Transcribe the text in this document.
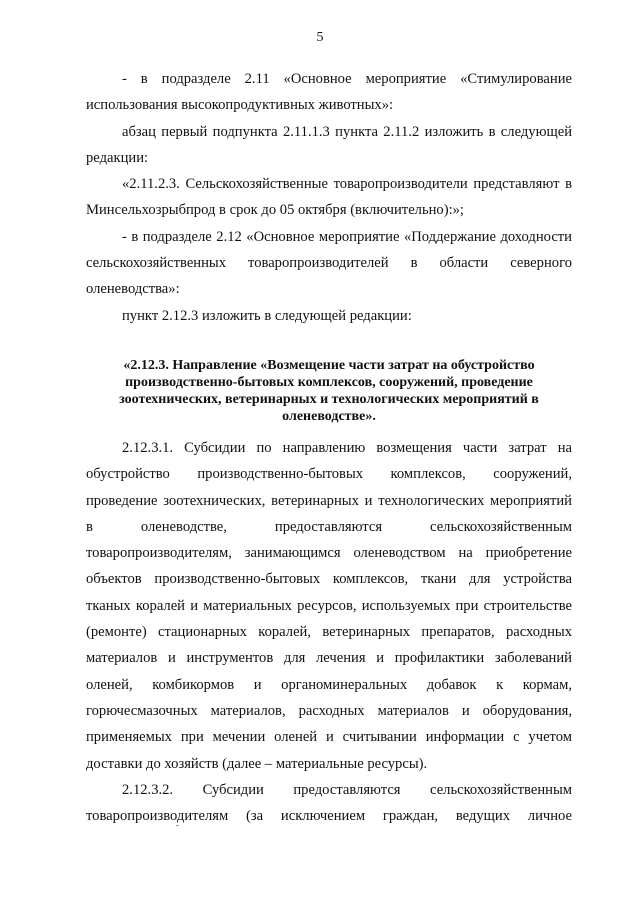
5

- в подразделе 2.11 «Основное мероприятие «Стимулирование использования высокопродуктивных животных»:

абзац первый подпункта 2.11.1.3 пункта 2.11.2 изложить в следующей редакции:

«2.11.2.3. Сельскохозяйственные товаропроизводители представляют в Минсельхозрыбпрод в срок до 05 октября (включительно):»;

- в подразделе 2.12 «Основное мероприятие «Поддержание доходности сельскохозяйственных товаропроизводителей в области северного оленеводства»:

пункт 2.12.3 изложить в следующей редакции:

«2.12.3. Направление «Возмещение части затрат на обустройство производственно-бытовых комплексов, сооружений, проведение зоотехнических, ветеринарных и технологических мероприятий в оленеводстве».

2.12.3.1. Субсидии по направлению возмещения части затрат на обустройство производственно-бытовых комплексов, сооружений, проведение зоотехнических, ветеринарных и технологических мероприятий в оленеводстве, предоставляются сельскохозяйственным товаропроизводителям, занимающимся оленеводством на приобретение объектов производственно-бытовых комплексов, ткани для устройства тканых коралей и материальных ресурсов, используемых при строительстве (ремонте) стационарных коралей, ветеринарных препаратов, расходных материалов и инструментов для лечения и профилактики заболеваний оленей, комбикормов и органоминеральных добавок к кормам, горючесмазочных материалов, расходных материалов и оборудования, применяемых при мечении оленей и считывании информации с учетом доставки до хозяйств (далее – материальные ресурсы).

2.12.3.2. Субсидии предоставляются сельскохозяйственным товаропроизводителям (за исключением граждан, ведущих личное
